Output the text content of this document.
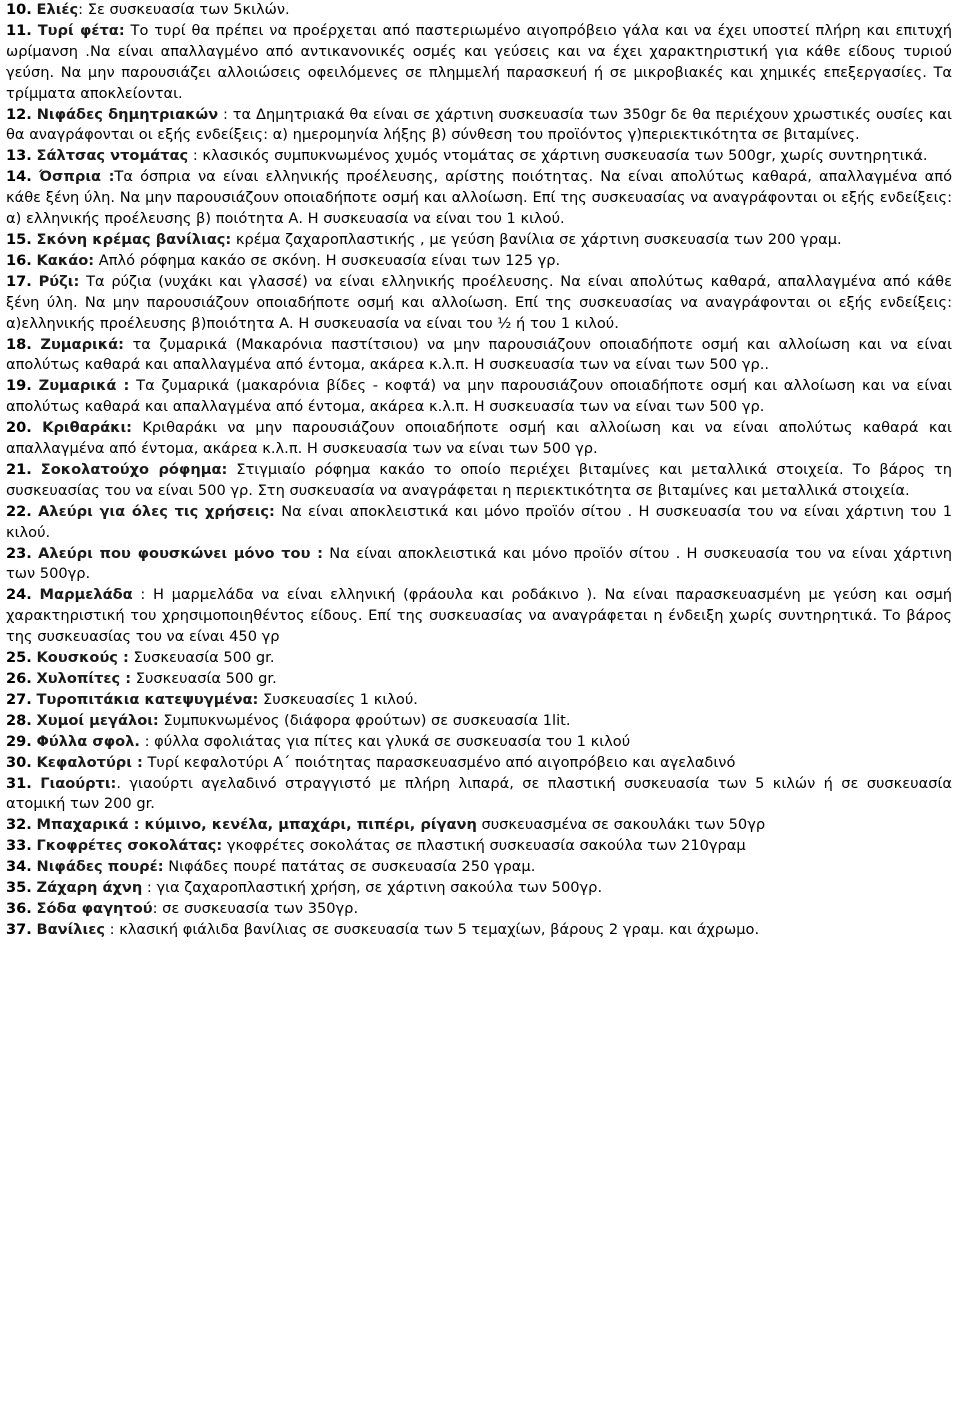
10. Ελιές: Σε συσκευασία των 5κιλών.

11. Τυρί φέτα: Το τυρί θα πρέπει να προέρχεται από παστεριωμένο αιγοπρόβειο γάλα και να έχει υποστεί πλήρη και επιτυχή ωρίμανση .Να είναι απαλλαγμένο από αντικανονικές οσμές και γεύσεις και να έχει χαρακτηριστική για κάθε είδους τυριού γεύση. Να μην παρουσιάζει αλλοιώσεις οφειλόμενες σε πλημμελή παρασκευή ή σε μικροβιακές και χημικές επεξεργασίες. Τα τρίμματα αποκλείονται.

12. Νιφάδες δημητριακών : τα Δημητριακά θα είναι σε χάρτινη συσκευασία των 350gr δε θα περιέχουν χρωστικές ουσίες και θα αναγράφονται οι εξής ενδείξεις: α) ημερομηνία λήξης β) σύνθεση του προϊόντος γ)περιεκτικότητα σε βιταμίνες.

13. Σάλτσας ντομάτας : κλασικός συμπυκνωμένος χυμός ντομάτας σε χάρτινη συσκευασία των 500gr, χωρίς συντηρητικά.

14. Όσπρια :Τα όσπρια να είναι ελληνικής προέλευσης, αρίστης ποιότητας. Να είναι απολύτως καθαρά, απαλλαγμένα από κάθε ξένη ύλη. Να μην παρουσιάζουν οποιαδήποτε οσμή και αλλοίωση. Επί της συσκευασίας να αναγράφονται οι εξής ενδείξεις: α) ελληνικής προέλευσης β) ποιότητα Α. Η συσκευασία να είναι του 1 κιλού.

15. Σκόνη κρέμας βανίλιας: κρέμα ζαχαροπλαστικής , με γεύση βανίλια σε χάρτινη συσκευασία των 200 γραμ.

16. Κακάο: Απλό ρόφημα κακάο σε σκόνη. Η συσκευασία είναι των 125 γρ.

17. Ρύζι: Τα ρύζια (νυχάκι και γλασσέ) να είναι ελληνικής προέλευσης. Να είναι απολύτως καθαρά, απαλλαγμένα από κάθε ξένη ύλη. Να μην παρουσιάζουν οποιαδήποτε οσμή και αλλοίωση. Επί της συσκευασίας να αναγράφονται οι εξής ενδείξεις: α)ελληνικής προέλευσης β)ποιότητα Α. Η συσκευασία να είναι του ½ ή του 1 κιλού.

18. Ζυμαρικά: τα ζυμαρικά (Μακαρόνια παστίτσιου) να μην παρουσιάζουν οποιαδήποτε οσμή και αλλοίωση και να είναι απολύτως καθαρά και απαλλαγμένα από έντομα, ακάρεα κ.λ.π. Η συσκευασία των να είναι των 500 γρ..

19. Ζυμαρικά : Τα ζυμαρικά (μακαρόνια βίδες - κοφτά) να μην παρουσιάζουν οποιαδήποτε οσμή και αλλοίωση και να είναι απολύτως καθαρά και απαλλαγμένα από έντομα, ακάρεα κ.λ.π. Η συσκευασία των να είναι των 500 γρ.

20. Κριθαράκι: Κριθαράκι να μην παρουσιάζουν οποιαδήποτε οσμή και αλλοίωση και να είναι απολύτως καθαρά και απαλλαγμένα από έντομα, ακάρεα κ.λ.π. Η συσκευασία των να είναι των 500 γρ.

21. Σοκολατούχο ρόφημα: Στιγμιαίο ρόφημα κακάο το οποίο περιέχει βιταμίνες και μεταλλικά στοιχεία. Το βάρος τη συσκευασίας του να είναι 500 γρ. Στη συσκευασία να αναγράφεται η περιεκτικότητα σε βιταμίνες και μεταλλικά στοιχεία.

22. Αλεύρι για όλες τις χρήσεις: Να είναι αποκλειστικά και μόνο προϊόν σίτου . Η συσκευασία του να είναι χάρτινη του 1 κιλού.

23. Αλεύρι που φουσκώνει μόνο του : Να είναι αποκλειστικά και μόνο προϊόν σίτου . Η συσκευασία του να είναι χάρτινη των 500γρ.

24. Μαρμελάδα : Η μαρμελάδα να είναι ελληνική (φράουλα και ροδάκινο ). Να είναι παρασκευασμένη με γεύση και οσμή χαρακτηριστική του χρησιμοποιηθέντος είδους. Επί της συσκευασίας να αναγράφεται η ένδειξη χωρίς συντηρητικά. Το βάρος της συσκευασίας του να είναι 450 γρ

25. Κουσκούς : Συσκευασία 500 gr.

26. Χυλοπίτες : Συσκευασία 500 gr.

27. Τυροπιτάκια κατεψυγμένα: Συσκευασίες 1 κιλού.

28. Χυμοί μεγάλοι: Συμπυκνωμένος (διάφορα φρούτων) σε συσκευασία 1lit.

29. Φύλλα σφολ. : φύλλα σφολιάτας για πίτες και γλυκά σε συσκευασία του 1 κιλού

30. Κεφαλοτύρι : Τυρί κεφαλοτύρι Α΄ ποιότητας παρασκευασμένο από αιγοπρόβειο και αγελαδινό

31. Γιαούρτι:. γιαούρτι αγελαδινό στραγγιστό με πλήρη λιπαρά, σε πλαστική συσκευασία των 5 κιλών ή σε συσκευασία ατομική των 200 gr.

32. Μπαχαρικά : κύμινο, κενέλα, μπαχάρι, πιπέρι, ρίγανη συσκευασμένα σε σακουλάκι των 50γρ

33. Γκοφρέτες σοκολάτας: γκοφρέτες σοκολάτας σε πλαστική συσκευασία σακούλα των 210γραμ

34. Νιφάδες πουρέ: Νιφάδες πουρέ πατάτας σε συσκευασία 250 γραμ.

35. Ζάχαρη άχνη : για ζαχαροπλαστική χρήση, σε χάρτινη σακούλα των 500γρ.

36. Σόδα φαγητού: σε συσκευασία των 350γρ.

37. Βανίλιες : κλασική φιάλιδα βανίλιας σε συσκευασία των 5 τεμαχίων, βάρους 2 γραμ. και άχρωμο.
